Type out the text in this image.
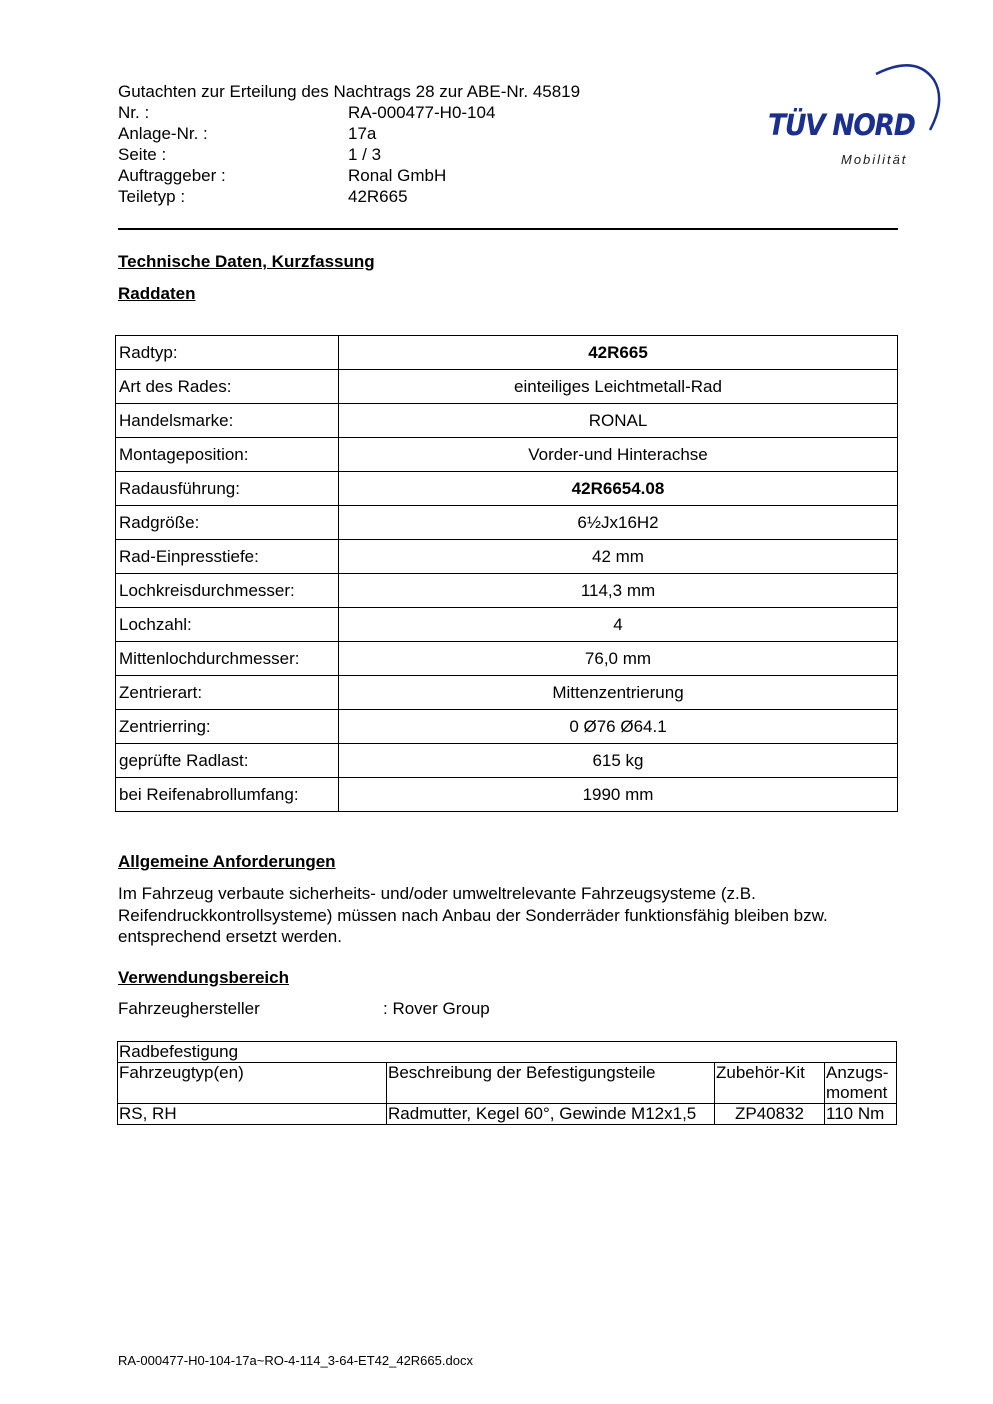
Gutachten zur Erteilung des Nachtrags 28 zur ABE-Nr. 45819
Nr. :	RA-000477-H0-104
Anlage-Nr. :	17a
Seite :	1 / 3
Auftraggeber :	Ronal GmbH
Teiletyp :	42R665
TÜV NORD
Mobilität
Technische Daten, Kurzfassung
Raddaten
Radtyp:	42R665
Art des Rades:	einteiliges Leichtmetall-Rad
Handelsmarke:	RONAL
Montageposition:	Vorder-und Hinterachse
Radausführung:	42R6654.08
Radgröße:	6½Jx16H2
Rad-Einpresstiefe:	42 mm
Lochkreisdurchmesser:	114,3 mm
Lochzahl:	4
Mittenlochdurchmesser:	76,0 mm
Zentrierart:	Mittenzentrierung
Zentrierring:	0 Ø76 Ø64.1
geprüfte Radlast:	615 kg
bei Reifenabrollumfang:	1990 mm
Allgemeine Anforderungen
Im Fahrzeug verbaute sicherheits- und/oder umweltrelevante Fahrzeugsysteme (z.B. Reifendruckkontrollsysteme) müssen nach Anbau der Sonderräder funktionsfähig bleiben bzw. entsprechend ersetzt werden.
Verwendungsbereich
Fahrzeughersteller	: Rover Group
Radbefestigung			
Fahrzeugtyp(en)	Beschreibung der Befestigungsteile	Zubehör-Kit	Anzugs-moment
RS, RH	Radmutter, Kegel 60°, Gewinde M12x1,5	ZP40832	110 Nm
RA-000477-H0-104-17a~RO-4-114_3-64-ET42_42R665.docx
